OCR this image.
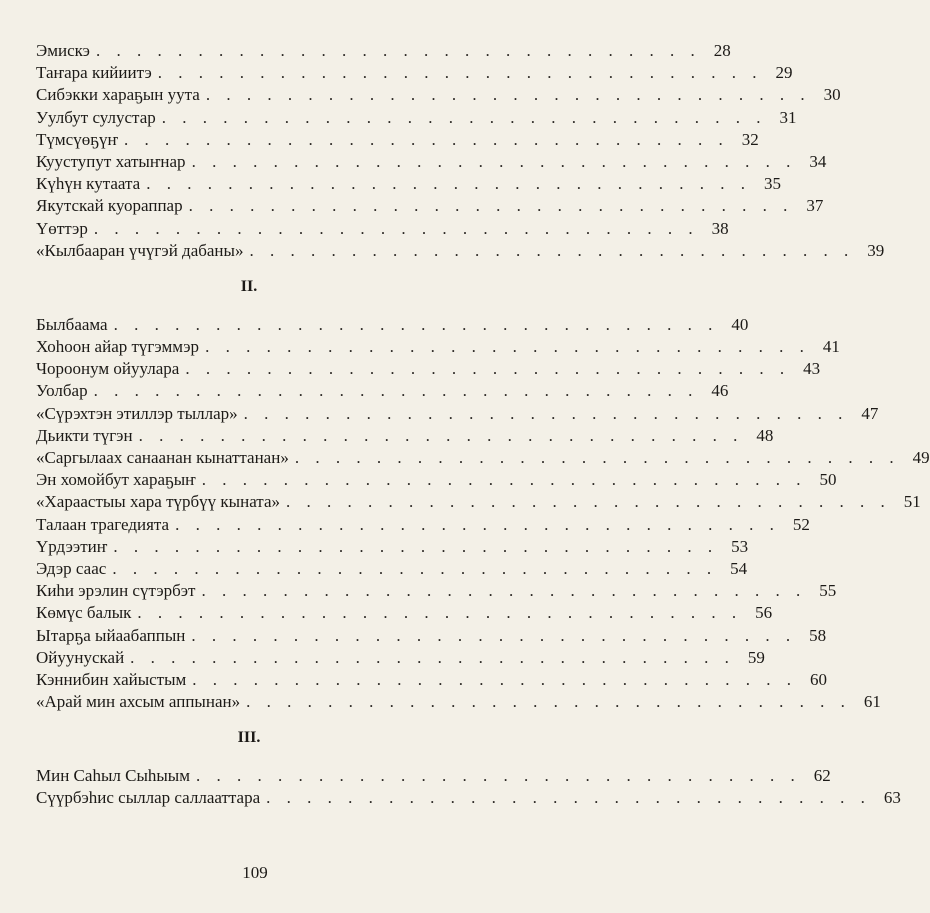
Эмискэ . . . . . . . . . . . . . . . . . . . . . . . . . . . . . . 28
Таҥара кийиитэ . . . . . . . . . . . . . . . . . . . . . . . . . . . . . . 29
Сибэкки хараҕын уута . . . . . . . . . . . . . . . . . . . . . . . . . . . . . . 30
Уулбут сулустар . . . . . . . . . . . . . . . . . . . . . . . . . . . . . . 31
Түмсүөҕүҥ . . . . . . . . . . . . . . . . . . . . . . . . . . . . . . 32
Кууступут хатыҥнар . . . . . . . . . . . . . . . . . . . . . . . . . . . . . . 34
Күһүн кутаата . . . . . . . . . . . . . . . . . . . . . . . . . . . . . . 35
Якутскай куораппар . . . . . . . . . . . . . . . . . . . . . . . . . . . . . . 37
Үөттэр . . . . . . . . . . . . . . . . . . . . . . . . . . . . . . 38
«Кылбааран үчүгэй дабаны» . . . . . . . . . . . . . . . . . . . . . . . . . . . . . . 39
II.
Былбаама . . . . . . . . . . . . . . . . . . . . . . . . . . . . . . 40
Хоһоон айар түгэммэр . . . . . . . . . . . . . . . . . . . . . . . . . . . . . . 41
Чороонум ойуулара . . . . . . . . . . . . . . . . . . . . . . . . . . . . . . 43
Уолбар . . . . . . . . . . . . . . . . . . . . . . . . . . . . . . 46
«Сүрэхтэн этиллэр тыллар» . . . . . . . . . . . . . . . . . . . . . . . . . . . . . . 47
Дьикти түгэн . . . . . . . . . . . . . . . . . . . . . . . . . . . . . . 48
«Саргылаах санаанан кынаттанан» . . . . . . . . . . . . . . . . . . . . . . . . . . . . . . 49
Эн хомойбут хараҕыҥ . . . . . . . . . . . . . . . . . . . . . . . . . . . . . . 50
«Хараастыы хара түрбүү кыната» . . . . . . . . . . . . . . . . . . . . . . . . . . . . . . 51
Талаан трагедията . . . . . . . . . . . . . . . . . . . . . . . . . . . . . . 52
Үрдээтиҥ . . . . . . . . . . . . . . . . . . . . . . . . . . . . . . 53
Эдэр саас . . . . . . . . . . . . . . . . . . . . . . . . . . . . . . 54
Киhи эрэлин сүтэрбэт . . . . . . . . . . . . . . . . . . . . . . . . . . . . . . 55
Көмүс балык . . . . . . . . . . . . . . . . . . . . . . . . . . . . . . 56
Ытарҕа ыйаабаппын . . . . . . . . . . . . . . . . . . . . . . . . . . . . . . 58
Ойуунускай . . . . . . . . . . . . . . . . . . . . . . . . . . . . . . 59
Кэннибин хайыстым . . . . . . . . . . . . . . . . . . . . . . . . . . . . . . 60
«Арай мин ахсым аппынан» . . . . . . . . . . . . . . . . . . . . . . . . . . . . . . 61
III.
Мин Саһыл Сыһыым . . . . . . . . . . . . . . . . . . . . . . . . . . . . . . 62
Сүүрбэhис сыллар саллааттара . . . . . . . . . . . . . . . . . . . . . . . . . . . . . . 63
109
